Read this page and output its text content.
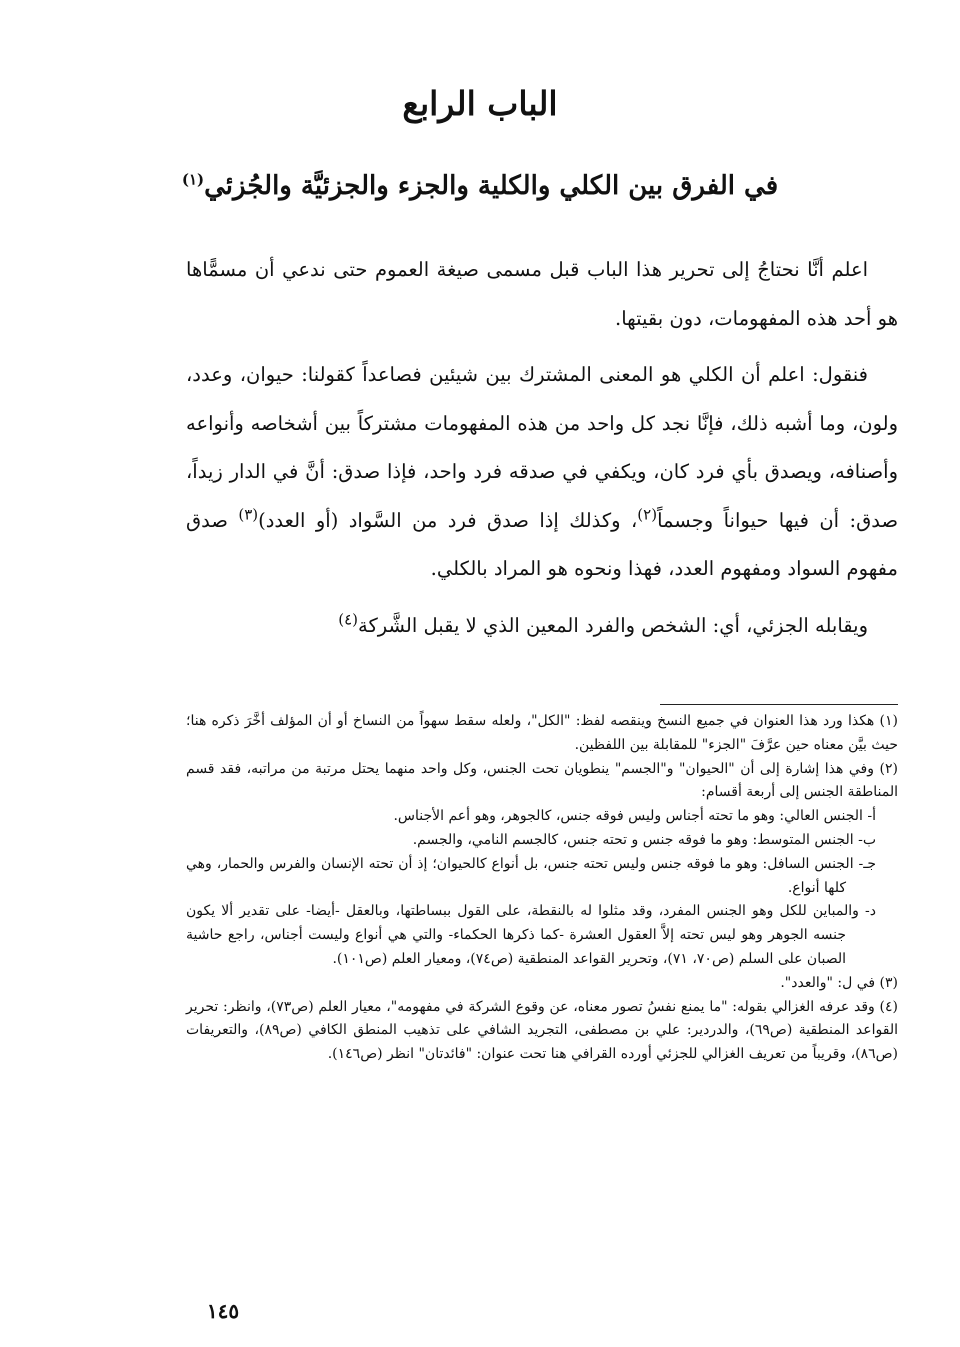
الباب الرابع
في الفرق بين الكلي والكلية والجزء والجزئيَّة والجُزئي$^{(١)}$

اعلم أنَّا نحتاجُ إلى تحرير هذا الباب قبل مسمى صيغة العموم حتى ندعي أن مسمًّاها هو أحد هذه المفهومات، دون بقيتها.

فنقول: اعلم أن الكلي هو المعنى المشترك بين شيئين فصاعداً كقولنا: حيوان، وعدد، ولون، وما أشبه ذلك، فإنَّا نجد كل واحد من هذه المفهومات مشتركاً بين أشخاصه وأنواعه وأصنافه، ويصدق بأي فرد كان، ويكفي في صدقه فرد واحد، فإذا صدق: أنَّ في الدار زيداً، صدق: أن فيها حيواناً وجسماً$^{(٢)}$، وكذلك إذا صدق فرد من السَّواد (أو العدد)$^{(٣)}$ صدق مفهوم السواد ومفهوم العدد، فهذا ونحوه هو المراد بالكلي.

ويقابله الجزئي، أي: الشخص والفرد المعين الذي لا يقبل الشَّركة$^{(٤)}$

(١) هكذا ورد هذا العنوان في جميع النسخ وينقصه لفظ: "الكل"، ولعله سقط سهواً من النساخ أو أن المؤلف أخَّرَ ذكره هنا؛ حيث بيَّن معناه حين عرَّفَ "الجزء" للمقابلة بين اللفظين.

(٢) وفي هذا إشارة إلى أن "الحيوان" و"الجسم" ينطويان تحت الجنس، وكل واحد منهما يحتل مرتبة من مراتبه، فقد قسم المناطقة الجنس إلى أربعة أقسام:

أ- الجنس العالي: وهو ما تحته أجناس وليس فوقه جنس، كالجوهر، وهو أعم الأجناس.

ب- الجنس المتوسط: وهو ما فوقه جنس و تحته جنس، كالجسم النامي، والجسم.

جـ- الجنس السافل: وهو ما فوقه جنس وليس تحته جنس، بل أنواع كالحيوان؛ إذ أن تحته الإنسان والفرس والحمار، وهي كلها أنواع.

د- والمباين للكل وهو الجنس المفرد، وقد مثلوا له بالنقطة، على القول ببساطتها، وبالعقل -أيضا- على تقدير ألا يكون جنسه الجوهر وهو ليس تحته إلاَّ العقول العشرة -كما ذكرها الحكماء- والتي هي أنواع وليست أجناس، راجع حاشية الصبان على السلم (ص٧٠، ٧١)، وتحرير القواعد المنطقية (ص٧٤)، ومعيار العلم (ص١٠١).

(٣) في ل: "والعدد".

(٤) وقد عرفه الغزالي بقوله: "ما يمنع نفسُ تصور معناه، عن وقوع الشركة في مفهومه"، معيار العلم (ص٧٣)، وانظر: تحرير القواعد المنطقية (ص٦٩)، والدردير: علي بن مصطفى، التجريد الشافي على تذهيب المنطق الكافي (ص٨٩)، والتعريفات (ص٨٦)، وقريباً من تعريف الغزالي للجزئي أورده القرافي هنا تحت عنوان: "فائدتان" انظر (ص١٤٦).

١٤٥
